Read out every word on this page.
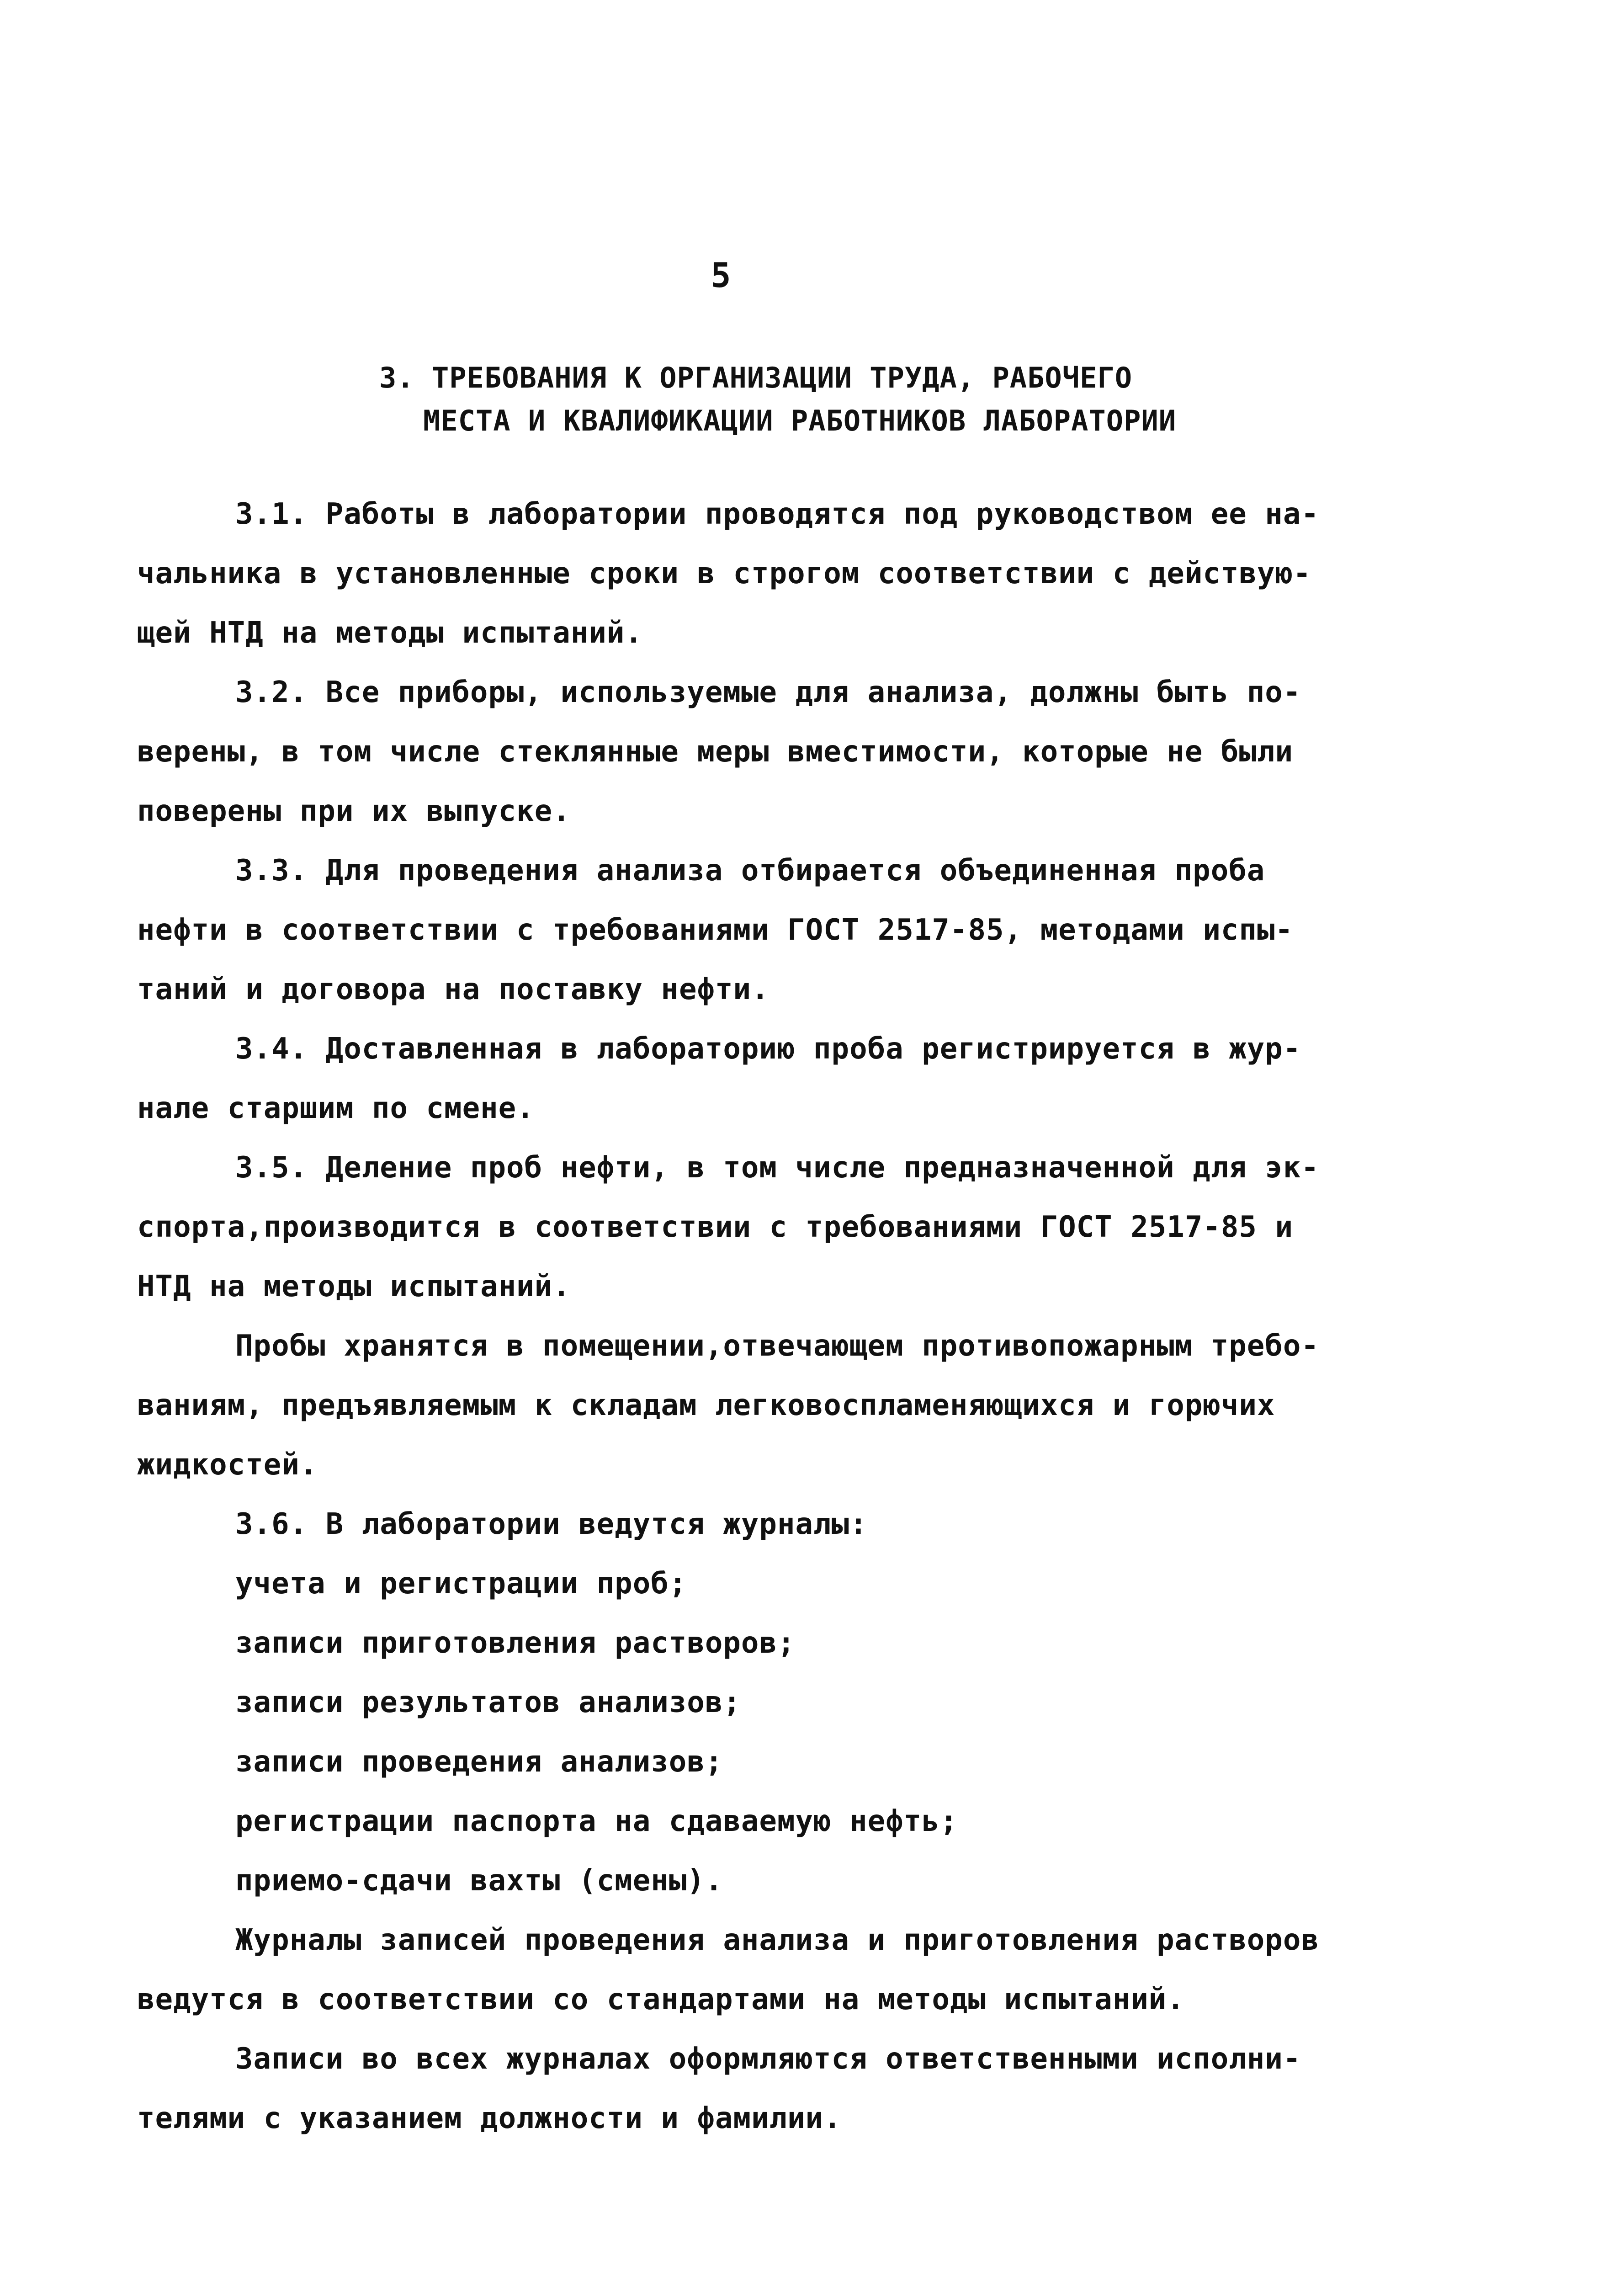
5
3. ТРЕБОВАНИЯ К ОРГАНИЗАЦИИ ТРУДА, РАБОЧЕГО
МЕСТА И КВАЛИФИКАЦИИ РАБОТНИКОВ ЛАБОРАТОРИИ
3.1. Работы в лаборатории проводятся под руководством ее на-
чальника в установленные сроки в строгом соответствии с действую-
щей НТД на методы испытаний.
3.2. Все приборы, используемые для анализа, должны быть по-
верены, в том числе стеклянные меры вместимости, которые не были
поверены при их выпуске.
3.3. Для проведения анализа отбирается объединенная проба
нефти в соответствии с требованиями ГОСТ 2517-85, методами испы-
таний и договора на поставку нефти.
3.4. Доставленная в лабораторию проба регистрируется в жур-
нале старшим по смене.
3.5. Деление проб нефти, в том числе предназначенной для эк-
спорта,производится в соответствии с требованиями ГОСТ 2517-85 и
НТД на методы испытаний.
Пробы хранятся в помещении,отвечающем противопожарным требо-
ваниям, предъявляемым к складам легковоспламеняющихся и горючих
жидкостей.
3.6. В лаборатории ведутся журналы:
учета и регистрации проб;
записи приготовления растворов;
записи результатов анализов;
записи проведения анализов;
регистрации паспорта на сдаваемую нефть;
приемо-сдачи вахты (смены).
Журналы записей проведения анализа и приготовления растворов
ведутся в соответствии со стандартами на методы испытаний.
Записи во всех журналах оформляются ответственными исполни-
телями с указанием должности и фамилии.
